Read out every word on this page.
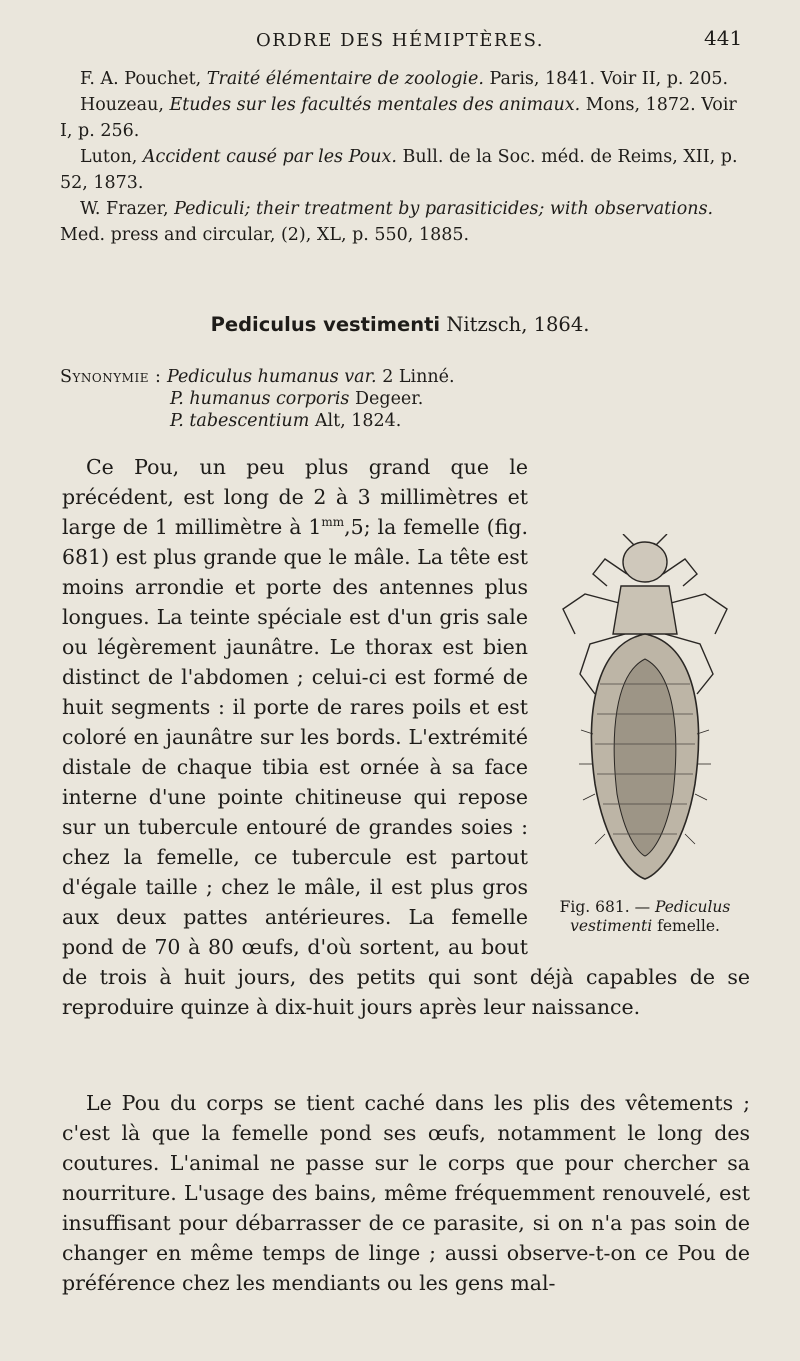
ORDRE DES HÉMIPTÈRES.	441

F. A. Pouchet, Traité élémentaire de zoologie. Paris, 1841. Voir II, p. 205.

Houzeau, Etudes sur les facultés mentales des animaux. Mons, 1872. Voir I, p. 256.

Luton, Accident causé par les Poux. Bull. de la Soc. méd. de Reims, XII, p. 52, 1873.

W. Frazer, Pediculi; their treatment by parasiticides; with observations. Med. press and circular, (2), XL, p. 550, 1885.

Pediculus vestimenti Nitzsch, 1864.
Synonymie : Pediculus humanus var. 2 Linné.
P. humanus corporis Degeer.
P. tabescentium Alt, 1824.
Fig. 681. — Pediculus vestimenti femelle.

Ce Pou, un peu plus grand que le précédent, est long de 2 à 3 millimètres et large de 1 millimètre à $1^{mm},5$; la femelle (fig. 681) est plus grande que le mâle. La tête est moins arrondie et porte des antennes plus longues. La teinte spéciale est d'un gris sale ou légèrement jaunâtre. Le thorax est bien distinct de l'abdomen ; celui-ci est formé de huit segments : il porte de rares poils et est coloré en jaunâtre sur les bords. L'extrémité distale de chaque tibia est ornée à sa face interne d'une pointe chitineuse qui repose sur un tubercule entouré de grandes soies : chez la femelle, ce tubercule est partout d'égale taille ; chez le mâle, il est plus gros aux deux pattes antérieures. La femelle pond de 70 à 80 œufs, d'où sortent, au bout de trois à huit jours, des petits qui sont déjà capables de se reproduire quinze à dix-huit jours après leur naissance.

Le Pou du corps se tient caché dans les plis des vêtements ; c'est là que la femelle pond ses œufs, notamment le long des coutures. L'animal ne passe sur le corps que pour chercher sa nourriture. L'usage des bains, même fréquemment renouvelé, est insuffisant pour débarrasser de ce parasite, si on n'a pas soin de changer en même temps de linge ; aussi observe-t-on ce Pou de préférence chez les mendiants ou les gens mal-
